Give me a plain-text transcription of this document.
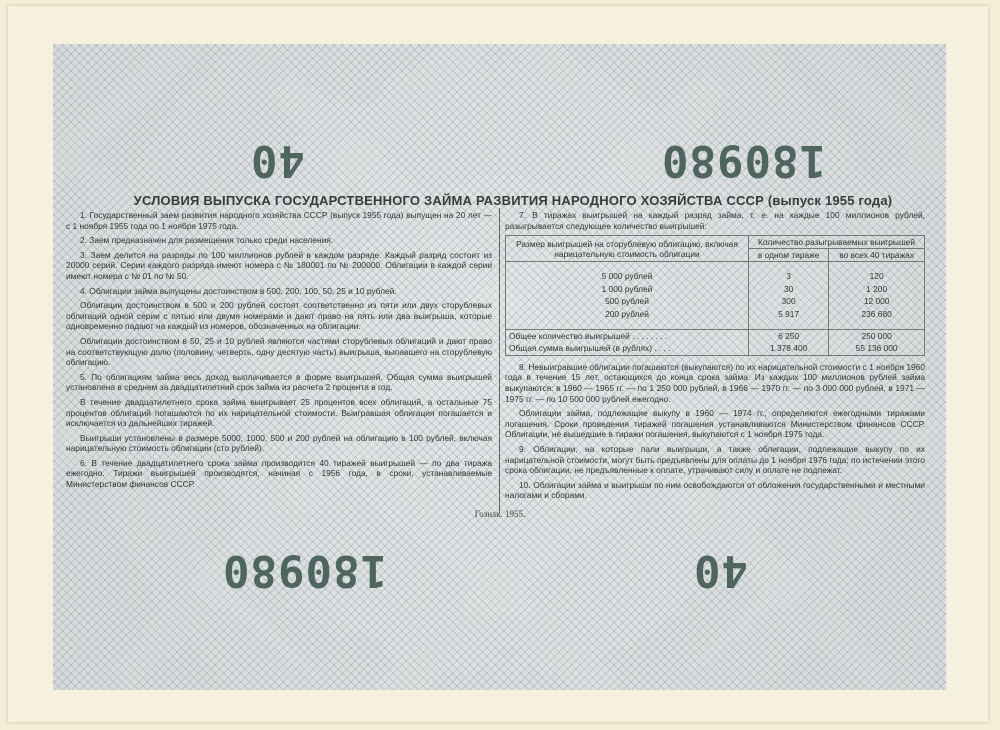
40	180980
180980	40
УСЛОВИЯ ВЫПУСКА ГОСУДАРСТВЕННОГО ЗАЙМА РАЗВИТИЯ НАРОДНОГО ХОЗЯЙСТВА СССР (выпуск 1955 года)

1. Государственный заем развития народного хозяйства СССР (выпуск 1955 года) выпущен на 20 лет — с 1 ноября 1955 года по 1 ноября 1975 года.

2. Заем предназначен для размещения только среди населения.

3. Заем делится на разряды по 100 миллионов рублей в каждом разряде. Каждый разряд состоит из 20000 серий. Серии каждого разряда имеют номера с № 180001 по № 200000. Облигации в каждой серии имеют номера с № 01 по № 50.

4. Облигации займа выпущены достоинством в 500, 200, 100, 50, 25 и 10 рублей.

Облигации достоинством в 500 и 200 рублей состоят соответственно из пяти или двух сторублевых облигаций одной серии с пятью или двумя номерами и дают право на пять или два выигрыша, которые одновременно падают на каждый из номеров, обозначенных на облигации.

Облигации достоинством в 50, 25 и 10 рублей являются частями сторублевых облигаций и дают право на соответствующую долю (половину, четверть, одну десятую часть) выигрыша, выпавшего на сторублевую облигацию.

5. По облигациям займа весь доход выплачивается в форме выигрышей. Общая сумма выигрышей установлена в среднем за двадцатилетний срок займа из расчета 2 процента в год.

В течение двадцатилетнего срока займа выигрывает 25 процентов всех облигаций, а остальные 75 процентов облигаций погашаются по их нарицательной стоимости. Выигравшая облигация погашается и исключается из дальнейших тиражей.

Выигрыши установлены в размере 5000, 1000, 500 и 200 рублей на облигацию в 100 рублей, включая нарицательную стоимость облигации (сто рублей).

6. В течение двадцатилетнего срока займа производится 40 тиражей выигрышей — по два тиража ежегодно. Тиражи выигрышей производятся, начиная с 1956 года, в сроки, устанавливаемые Министерством финансов СССР.

7. В тиражах выигрышей на каждый разряд займа, т. е. на каждые 100 миллионов рублей, разыгрывается следующее количество выигрышей:

Размер выигрышей на сторублевую облигацию, включая нарицательную стоимость облигации	Количество разыгрываемых выигрышей	
	в одном тираже	во всех 40 тиражах

5 000 рублей	3	120
1 000 рублей	30	1 200
500 рублей	300	12 000
200 рублей	5 917	236 680

Общее количество выигрышей . . . . . . . .	6 250	250 000
Общая сумма выигрышей (в рублях) . . . .	1 378 400	55 136 000

8. Невыигравшие облигации погашаются (выкупаются) по их нарицательной стоимости с 1 ноября 1960 года в течение 15 лет, остающихся до конца срока займа. Из каждых 100 миллионов рублей займа выкупаются: в 1960 — 1965 гг. — по 1 250 000 рублей, в 1966 — 1970 гг. — по 3 000 000 рублей, в 1971 — 1975 гг. — по 10 500 000 рублей ежегодно.

Облигации займа, подлежащие выкупу в 1960 — 1974 гг., определяются ежегодными тиражами погашения. Сроки проведения тиражей погашения устанавливаются Министерством финансов СССР. Облигации, не вышедшие в тиражи погашения, выкупаются с 1 ноября 1975 года.

9. Облигации, на которые пали выигрыши, а также облигации, подлежащие выкупу по их нарицательной стоимости, могут быть предъявлены для оплаты до 1 ноября 1976 года; по истечении этого срока облигации, не предъявленные к оплате, утрачивают силу и оплате не подлежат.

10. Облигации займа и выигрыши по ним освобождаются от обложения государственными и местными налогами и сборами.

Гознак. 1955.
